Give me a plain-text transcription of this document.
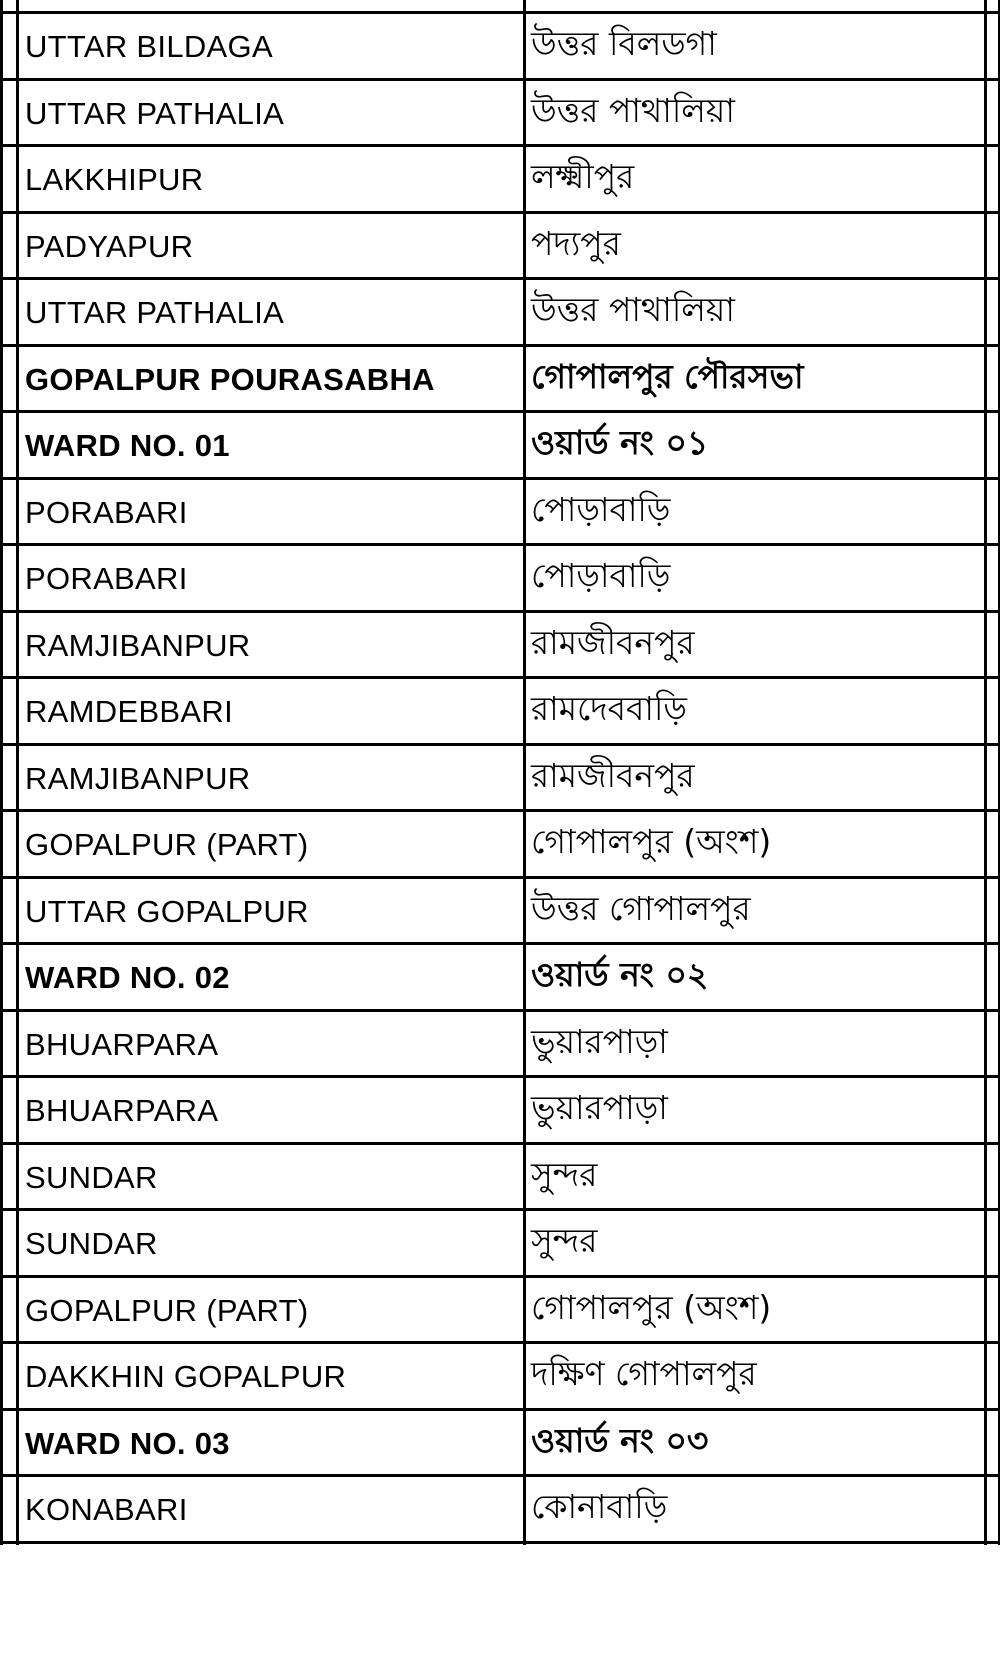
UTTAR BILDAGA	উত্তর বিলডগা
UTTAR PATHALIA	উত্তর পাথালিয়া
LAKKHIPUR	লক্ষ্মীপুর
PADYAPUR	পদ্যপুর
UTTAR PATHALIA	উত্তর পাথালিয়া
GOPALPUR POURASABHA	গোপালপুর পৌরসভা
WARD NO. 01	ওয়ার্ড নং ০১
PORABARI	পোড়াবাড়ি
PORABARI	পোড়াবাড়ি
RAMJIBANPUR	রামজীবনপুর
RAMDEBBARI	রামদেববাড়ি
RAMJIBANPUR	রামজীবনপুর
GOPALPUR (PART)	গোপালপুর (অংশ)
UTTAR GOPALPUR	উত্তর গোপালপুর
WARD NO. 02	ওয়ার্ড নং ০২
BHUARPARA	ভুয়ারপাড়া
BHUARPARA	ভুয়ারপাড়া
SUNDAR	সুন্দর
SUNDAR	সুন্দর
GOPALPUR (PART)	গোপালপুর (অংশ)
DAKKHIN GOPALPUR	দক্ষিণ গোপালপুর
WARD NO. 03	ওয়ার্ড নং ০৩
KONABARI	কোনাবাড়ি
